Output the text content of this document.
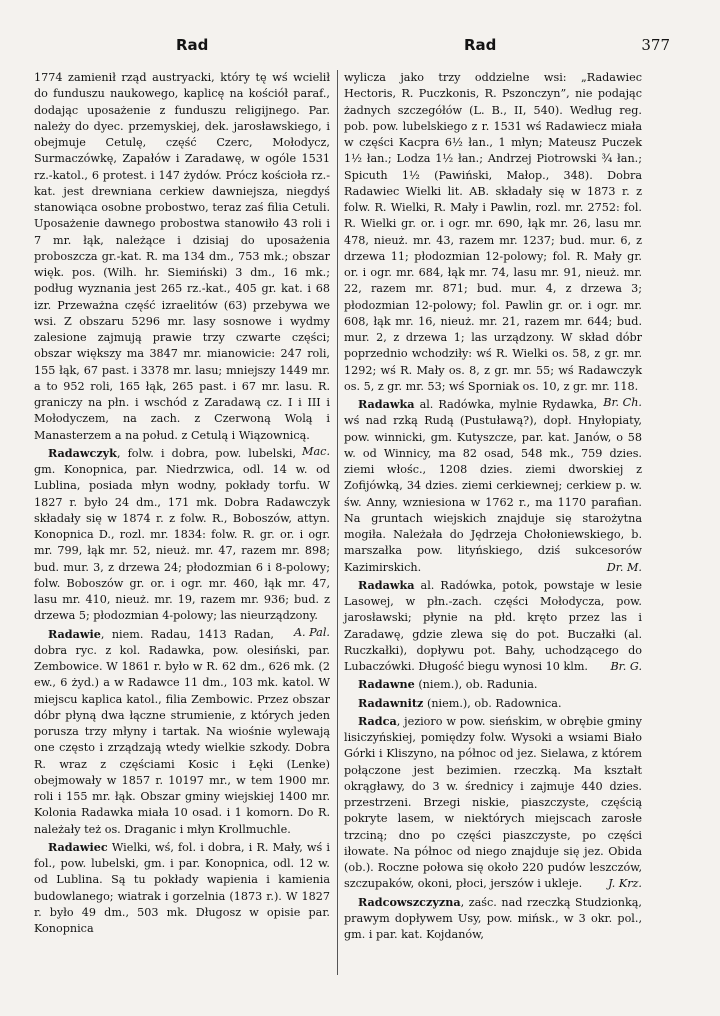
Rad	Rad	377

1774 zamienił rząd austryacki, który tę wś wcielił do funduszu naukowego, kaplicę na kościół paraf., dodając uposażenie z funduszu religijnego. Par. należy do dyec. przemyskiej, dek. jarosławskiego, i obejmuje Cetulę, część Czerc, Mołodycz, Surmaczówkę, Zapałów i Zaradawę, w ogóle 1531 rz.-katol., 6 protest. i 147 żydów. Prócz kościoła rz.-kat. jest drewniana cerkiew dawniejsza, niegdyś stanowiąca osobne probostwo, teraz zaś filia Cetuli. Uposażenie dawnego probostwa stanowiło 43 roli i 7 mr. łąk, należące i dzisiaj do uposażenia proboszcza gr.-kat. R. ma 134 dm., 753 mk.; obszar więk. pos. (Wilh. hr. Siemiński) 3 dm., 16 mk.; podług wyznania jest 265 rz.-kat., 405 gr. kat. i 68 izr. Przeważna część izraelitów (63) przebywa we wsi. Z obszaru 5296 mr. lasy sosnowe i wydmy zalesione zajmują prawie trzy czwarte części; obszar większy ma 3847 mr. mianowicie: 247 roli, 155 łąk, 67 past. i 3378 mr. lasu; mniejszy 1449 mr. a to 952 roli, 165 łąk, 265 past. i 67 mr. lasu. R. graniczy na płn. i wschód z Zaradawą cz. I i III i Mołodyczem, na zach. z Czerwoną Wolą i Manasterzem a na połud. z Cetulą i Wiązownicą.
Mac.

Radawczyk, folw. i dobra, pow. lubelski, gm. Konopnica, par. Niedrzwica, odl. 14 w. od Lublina, posiada młyn wodny, pokłady torfu. W 1827 r. było 24 dm., 171 mk. Dobra Radawczyk składały się w 1874 r. z folw. R., Boboszów, attyn. Konopnica D., rozl. mr. 1834: folw. R. gr. or. i ogr. mr. 799, łąk mr. 52, nieuż. mr. 47, razem mr. 898; bud. mur. 3, z drzewa 24; płodozmian 6 i 8-polowy; folw. Boboszów gr. or. i ogr. mr. 460, łąk mr. 47, lasu mr. 410, nieuż. mr. 19, razem mr. 936; bud. z drzewa 5; płodozmian 4-polowy; las nieurządzony.
A. Pal.

Radawie, niem. Radau, 1413 Radan, dobra ryc. z kol. Radawka, pow. olesiński, par. Zembowice. W 1861 r. było w R. 62 dm., 626 mk. (2 ew., 6 żyd.) a w Radawce 11 dm., 103 mk. katol. W miejscu kaplica katol., filia Zembowic. Przez obszar dóbr płyną dwa łączne strumienie, z których jeden porusza trzy młyny i tartak. Na wiośnie wylewają one często i zrządzają wtedy wielkie szkody. Dobra R. wraz z częściami Kosic i Łęki (Lenke) obejmowały w 1857 r. 10197 mr., w tem 1900 mr. roli i 155 mr. łąk. Obszar gminy wiejskiej 1400 mr. Kolonia Radawka miała 10 osad. i 1 komorn. Do R. należały też os. Draganic i młyn Krollmuchle.

Radawiec Wielki, wś, fol. i dobra, i R. Mały, wś i fol., pow. lubelski, gm. i par. Konopnica, odl. 12 w. od Lublina. Są tu pokłady wapienia i kamienia budowlanego; wiatrak i gorzelnia (1873 r.). W 1827 r. było 49 dm., 503 mk. Długosz w opisie par. Konopnica

wylicza jako trzy oddzielne wsi: „Radawiec Hectoris, R. Puczkonis, R. Pszonczyn”, nie podając żadnych szczegółów (L. B., II, 540). Według reg. pob. pow. lubelskiego z r. 1531 wś Radawiecz miała w części Kacpra 6½ łan., 1 młyn; Mateusz Puczek 1½ łan.; Lodza 1½ łan.; Andrzej Piotrowski ¾ łan.; Spicuth 1½ (Pawiński, Małop., 348). Dobra Radawiec Wielki lit. AB. składały się w 1873 r. z folw. R. Wielki, R. Mały i Pawlin, rozl. mr. 2752: fol. R. Wielki gr. or. i ogr. mr. 690, łąk mr. 26, lasu mr. 478, nieuż. mr. 43, razem mr. 1237; bud. mur. 6, z drzewa 11; płodozmian 12-polowy; fol. R. Mały gr. or. i ogr. mr. 684, łąk mr. 74, lasu mr. 91, nieuż. mr. 22, razem mr. 871; bud. mur. 4, z drzewa 3; płodozmian 12-polowy; fol. Pawlin gr. or. i ogr. mr. 608, łąk mr. 16, nieuż. mr. 21, razem mr. 644; bud. mur. 2, z drzewa 1; las urządzony. W skład dóbr poprzednio wchodziły: wś R. Wielki os. 58, z gr. mr. 1292; wś R. Mały os. 8, z gr. mr. 55; wś Radawczyk os. 5, z gr. mr. 53; wś Sporniak os. 10, z gr. mr. 118.
Br. Ch.

Radawka al. Radówka, mylnie Rydawka, wś nad rzką Rudą (Pustuławą?), dopł. Hnyłopiaty, pow. winnicki, gm. Kutyszcze, par. kat. Janów, o 58 w. od Winnicy, ma 82 osad, 548 mk., 759 dzies. ziemi włośc., 1208 dzies. ziemi dworskiej z Zofijówką, 34 dzies. ziemi cerkiewnej; cerkiew p. w. św. Anny, wzniesiona w 1762 r., ma 1170 parafian. Na gruntach wiejskich znajduje się starożytna mogiła. Należała do Jędrzeja Chołoniewskiego, b. marszałka pow. lityńskiego, dziś sukcesorów Kazimirskich.	Dr. M.

Radawka al. Radówka, potok, powstaje w lesie Lasowej, w płn.-zach. części Mołodycza, pow. jarosławski; płynie na płd. kręto przez las i Zaradawę, gdzie zlewa się do pot. Buczałki (al. Ruczkałki), dopływu pot. Bahy, uchodzącego do Lubaczówki. Długość biegu wynosi 10 klm.	Br. G.

Radawne (niem.), ob. Radunia.

Radawnitz (niem.), ob. Radownica.

Radca, jezioro w pow. sieńskim, w obrębie gminy lisiczyńskiej, pomiędzy folw. Wysoki a wsiami Biało Górki i Kliszyno, na północ od jez. Sielawa, z którem połączone jest bezimien. rzeczką. Ma kształt okrągławy, do 3 w. średnicy i zajmuje 440 dzies. przestrzeni. Brzegi niskie, piaszczyste, częścią pokryte lasem, w niektórych miejscach zarosłe trzciną; dno po części piaszczyste, po części iłowate. Na północ od niego znajduje się jez. Obida (ob.). Roczne połowa się około 220 pudów leszczów, szczupaków, okoni, płoci, jerszów i ukleje.	J. Krz.

Radcowszczyzna, zaśc. nad rzeczką Studzionką, prawym dopływem Usy, pow. mińsk., w 3 okr. pol., gm. i par. kat. Kojdanów,
